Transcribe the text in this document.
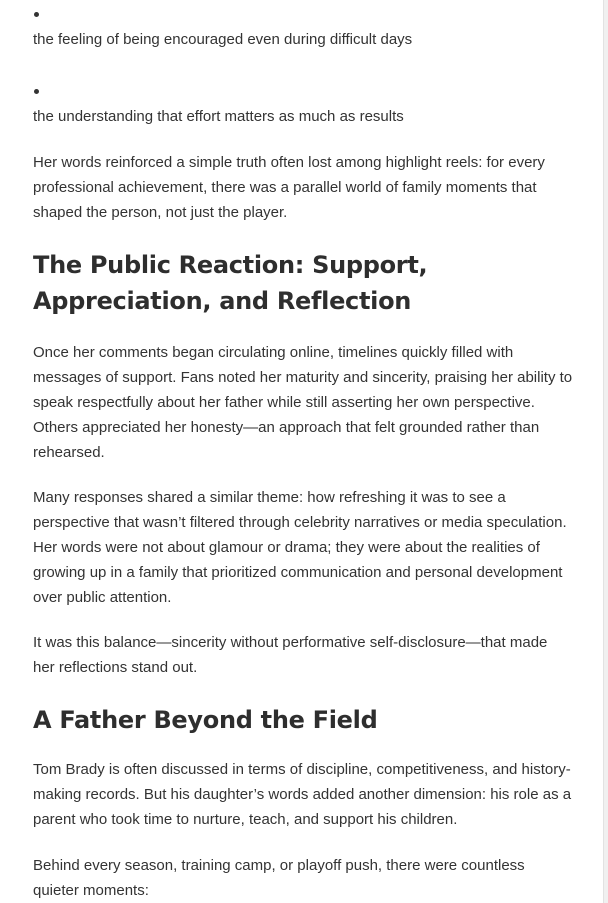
the feeling of being encouraged even during difficult days
the understanding that effort matters as much as results

Her words reinforced a simple truth often lost among highlight reels: for every professional achievement, there was a parallel world of family moments that shaped the person, not just the player.

The Public Reaction: Support, Appreciation, and Reflection

Once her comments began circulating online, timelines quickly filled with messages of support. Fans noted her maturity and sincerity, praising her ability to speak respectfully about her father while still asserting her own perspective. Others appreciated her honesty—an approach that felt grounded rather than rehearsed.

Many responses shared a similar theme: how refreshing it was to see a perspective that wasn’t filtered through celebrity narratives or media speculation. Her words were not about glamour or drama; they were about the realities of growing up in a family that prioritized communication and personal development over public attention.

It was this balance—sincerity without performative self-disclosure—that made her reflections stand out.

A Father Beyond the Field

Tom Brady is often discussed in terms of discipline, competitiveness, and history-making records. But his daughter’s words added another dimension: his role as a parent who took time to nurture, teach, and support his children.

Behind every season, training camp, or playoff push, there were countless quieter moments:
